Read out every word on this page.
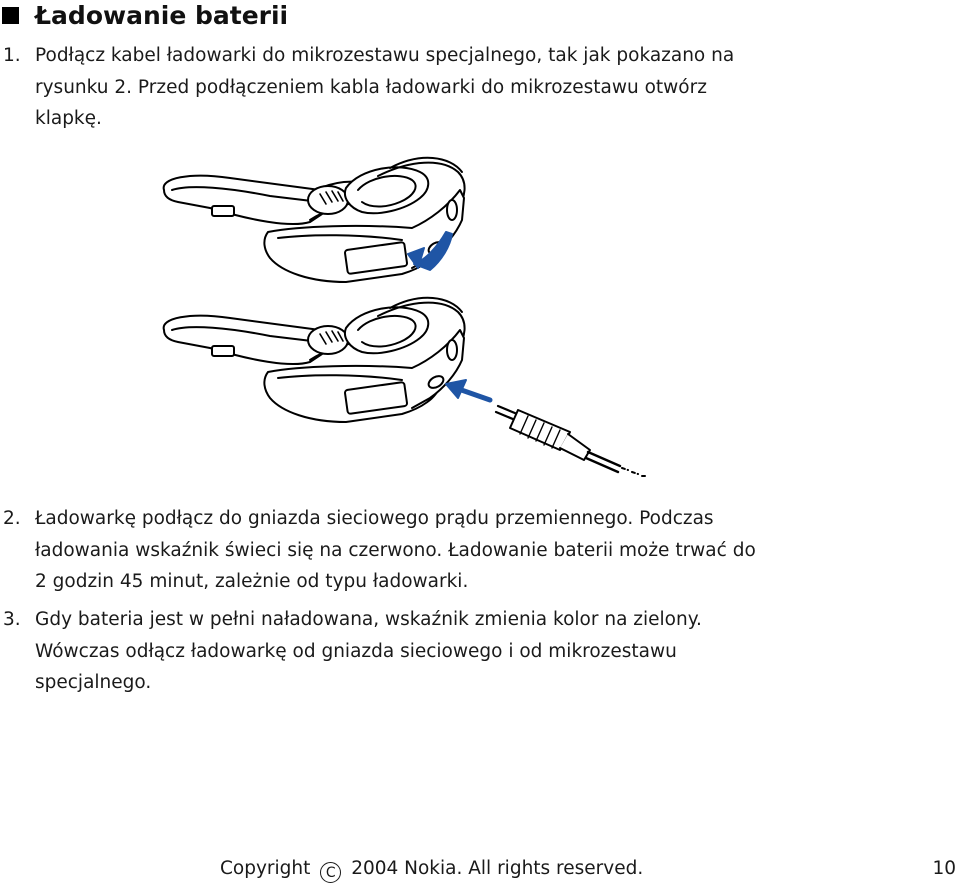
Ładowanie baterii
1. Podłącz kabel ładowarki do mikrozestawu specjalnego, tak jak pokazano na
rysunku 2. Przed podłączeniem kabla ładowarki do mikrozestawu otwórz
klapkę.
2. Ładowarkę podłącz do gniazda sieciowego prądu przemiennego. Podczas
ładowania wskaźnik świeci się na czerwono. Ładowanie baterii może trwać do
2 godzin 45 minut, zależnie od typu ładowarki.
3. Gdy bateria jest w pełni naładowana, wskaźnik zmienia kolor na zielony.
Wówczas odłącz ładowarkę od gniazda sieciowego i od mikrozestawu
specjalnego.
Copyright C 2004 Nokia. All rights reserved.	10
